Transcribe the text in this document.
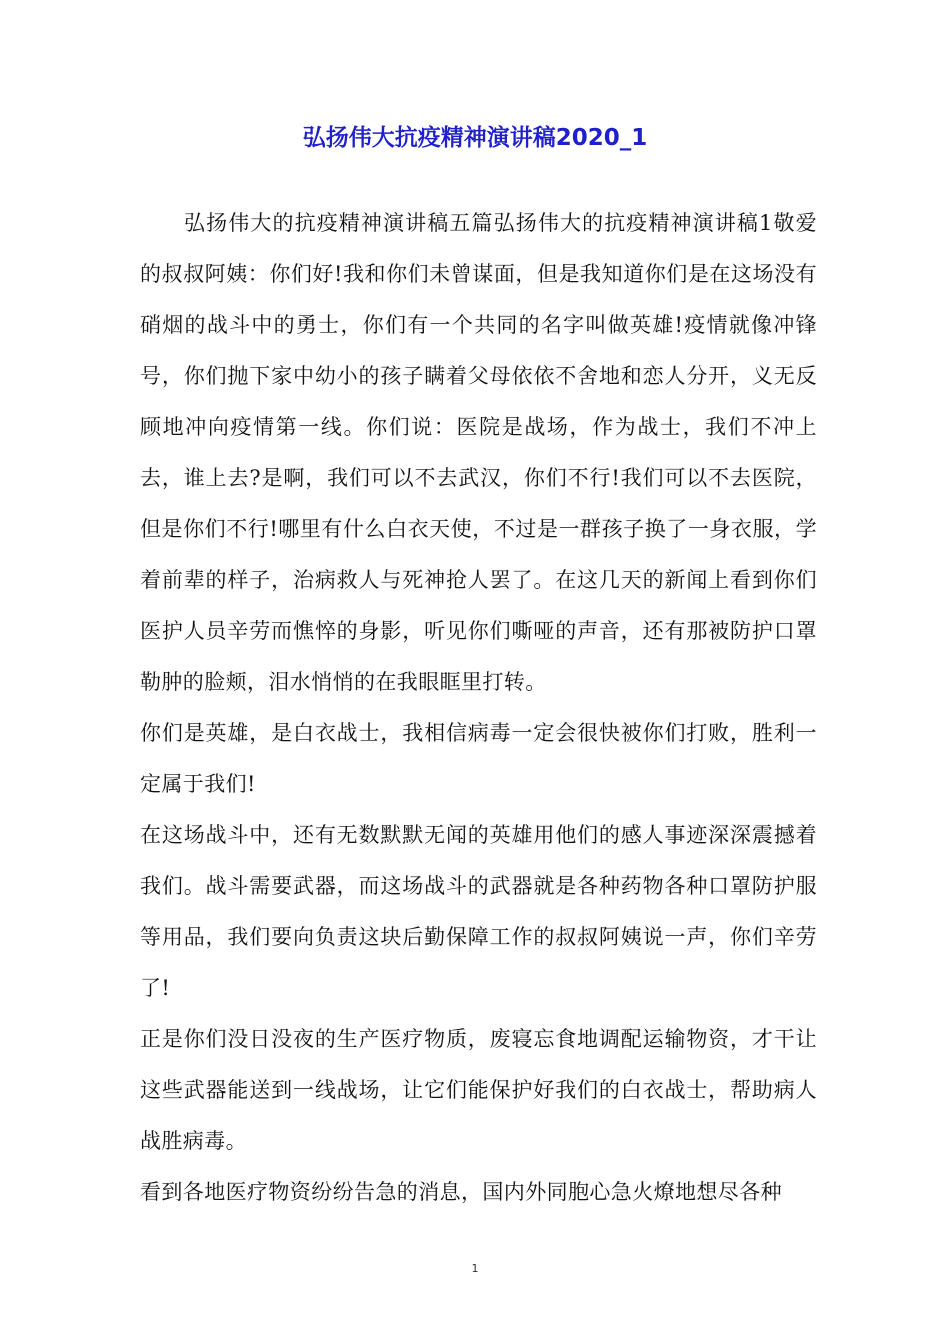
弘扬伟大抗疫精神演讲稿2020_1

弘扬伟大的抗疫精神演讲稿五篇弘扬伟大的抗疫精神演讲稿1敬爱的叔叔阿姨：你们好!我和你们未曾谋面，但是我知道你们是在这场没有硝烟的战斗中的勇士，你们有一个共同的名字叫做英雄!疫情就像冲锋号，你们抛下家中幼小的孩子瞒着父母依依不舍地和恋人分开，义无反顾地冲向疫情第一线。你们说：医院是战场，作为战士，我们不冲上去，谁上去?是啊，我们可以不去武汉，你们不行!我们可以不去医院，但是你们不行!哪里有什么白衣天使，不过是一群孩子换了一身衣服，学着前辈的样子，治病救人与死神抢人罢了。在这几天的新闻上看到你们医护人员辛劳而憔悴的身影，听见你们嘶哑的声音，还有那被防护口罩勒肿的脸颊，泪水悄悄的在我眼眶里打转。

你们是英雄，是白衣战士，我相信病毒一定会很快被你们打败，胜利一定属于我们!

在这场战斗中，还有无数默默无闻的英雄用他们的感人事迹深深震撼着我们。战斗需要武器，而这场战斗的武器就是各种药物各种口罩防护服等用品，我们要向负责这块后勤保障工作的叔叔阿姨说一声，你们辛劳了!

正是你们没日没夜的生产医疗物质，废寝忘食地调配运输物资，才干让这些武器能送到一线战场，让它们能保护好我们的白衣战士，帮助病人战胜病毒。

看到各地医疗物资纷纷告急的消息，国内外同胞心急火燎地想尽各种

1
